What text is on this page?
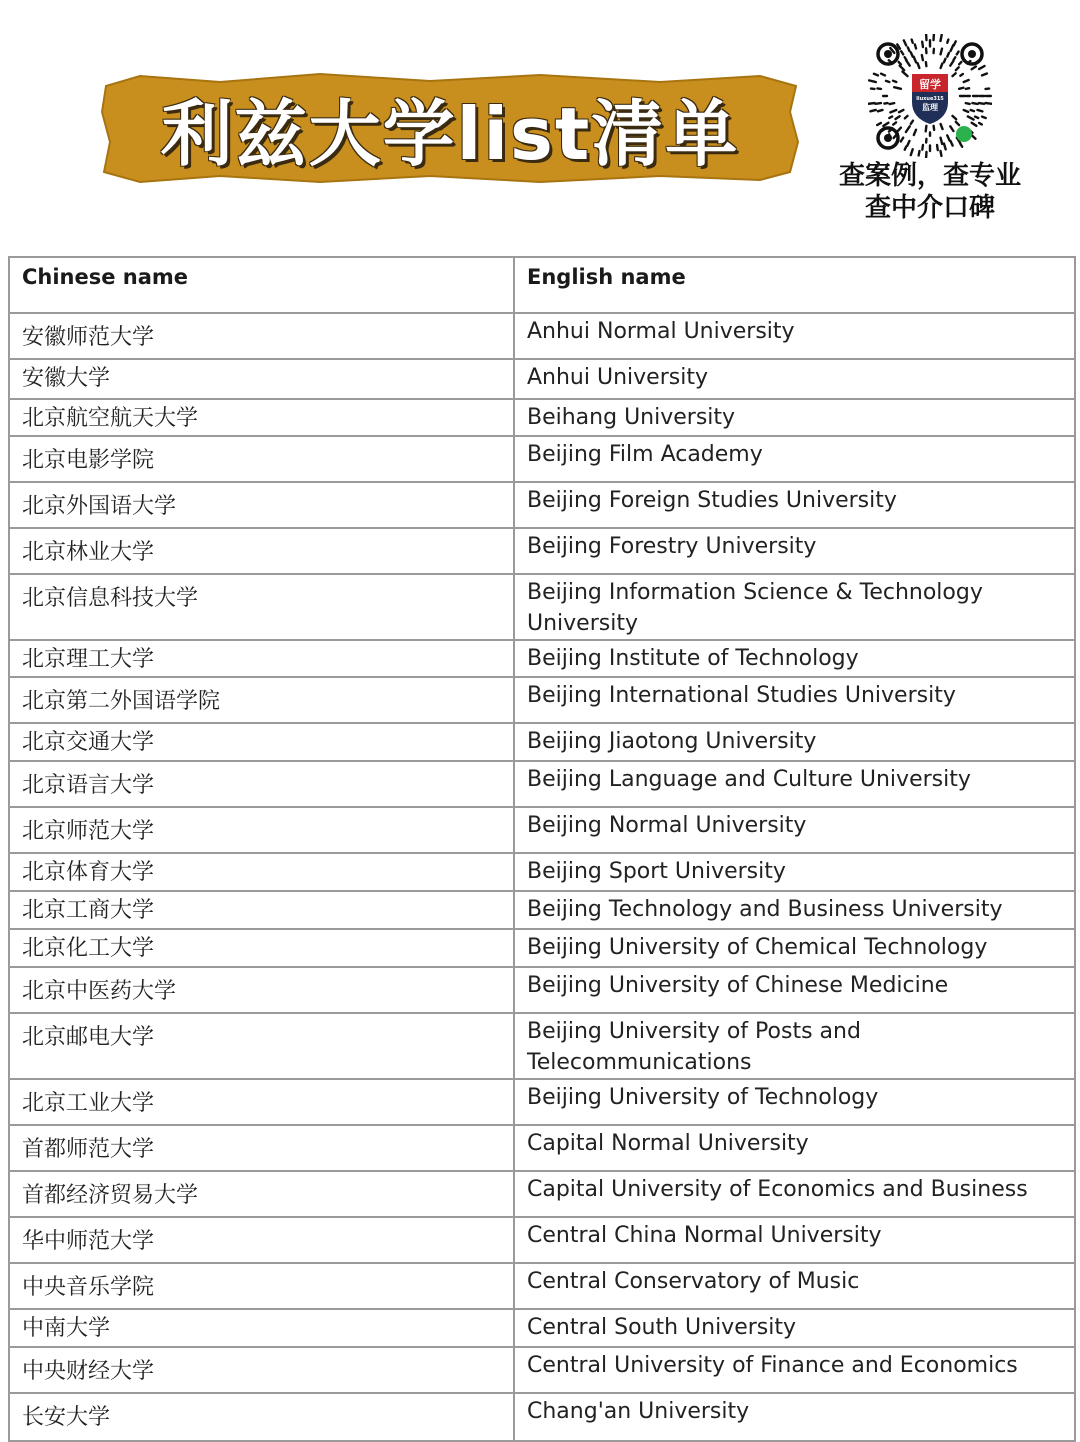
利兹大学list清单
留学
liuxue315
监理
查案例，查专业
查中介口碑
Chinese name	English name
安徽师范大学	Anhui Normal University
安徽大学	Anhui University
北京航空航天大学	Beihang University
北京电影学院	Beijing Film Academy
北京外国语大学	Beijing Foreign Studies University
北京林业大学	Beijing Forestry University
北京信息科技大学	Beijing Information Science & Technology University
北京理工大学	Beijing Institute of Technology
北京第二外国语学院	Beijing International Studies University
北京交通大学	Beijing Jiaotong University
北京语言大学	Beijing Language and Culture University
北京师范大学	Beijing Normal University
北京体育大学	Beijing Sport University
北京工商大学	Beijing Technology and Business University
北京化工大学	Beijing University of Chemical Technology
北京中医药大学	Beijing University of Chinese Medicine
北京邮电大学	Beijing University of Posts and Telecommunications
北京工业大学	Beijing University of Technology
首都师范大学	Capital Normal University
首都经济贸易大学	Capital University of Economics and Business
华中师范大学	Central China Normal University
中央音乐学院	Central Conservatory of Music
中南大学	Central South University
中央财经大学	Central University of Finance and Economics
长安大学	Chang'an University
